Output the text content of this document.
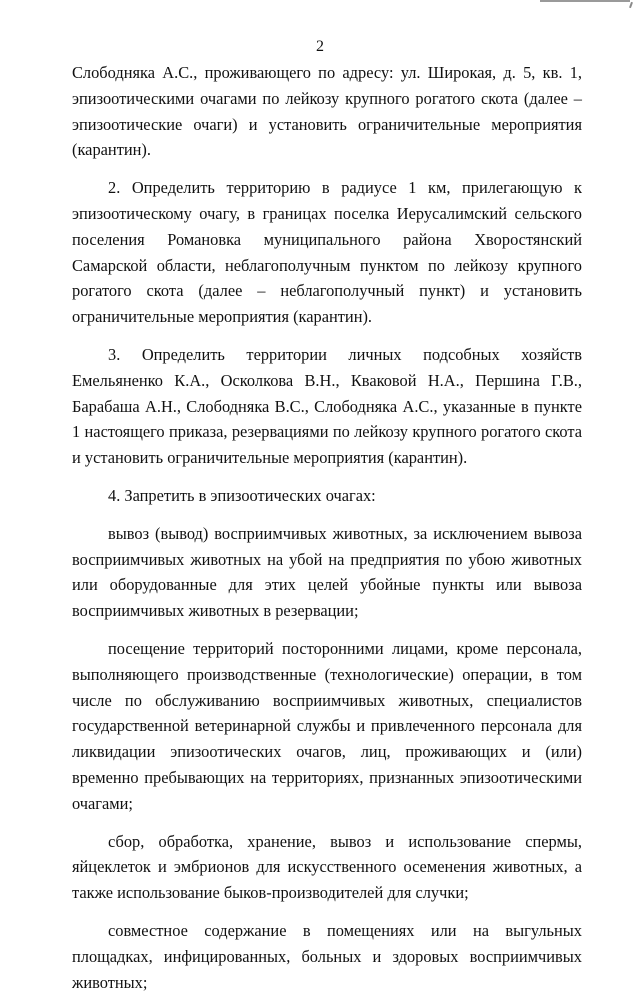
2

Слободняка А.С., проживающего по адресу: ул. Широкая, д. 5, кв. 1, эпизоотическими очагами по лейкозу крупного рогатого скота (далее – эпизоотические очаги) и установить ограничительные мероприятия (карантин).

2. Определить территорию в радиусе 1 км, прилегающую к эпизоотическому очагу, в границах поселка Иерусалимский сельского поселения Романовка муниципального района Хворостянский Самарской области, неблагополучным пунктом по лейкозу крупного рогатого скота (далее – неблагополучный пункт) и установить ограничительные мероприятия (карантин).

3. Определить территории личных подсобных хозяйств Емельяненко К.А., Осколкова В.Н., Кваковой Н.А., Першина Г.В., Барабаша А.Н., Слободняка В.С., Слободняка А.С., указанные в пункте 1 настоящего приказа, резервациями по лейкозу крупного рогатого скота и установить ограничительные мероприятия (карантин).

4. Запретить в эпизоотических очагах:

вывоз (вывод) восприимчивых животных, за исключением вывоза восприимчивых животных на убой на предприятия по убою животных или оборудованные для этих целей убойные пункты или вывоза восприимчивых животных в резервации;

посещение территорий посторонними лицами, кроме персонала, выполняющего производственные (технологические) операции, в том числе по обслуживанию восприимчивых животных, специалистов государственной ветеринарной службы и привлеченного персонала для ликвидации эпизоотических очагов, лиц, проживающих и (или) временно пребывающих на территориях, признанных эпизоотическими очагами;

сбор, обработка, хранение, вывоз и использование спермы, яйцеклеток и эмбрионов для искусственного осеменения животных, а также использование быков-производителей для случки;

совместное содержание в помещениях или на выгульных площадках, инфицированных, больных и здоровых восприимчивых животных;
